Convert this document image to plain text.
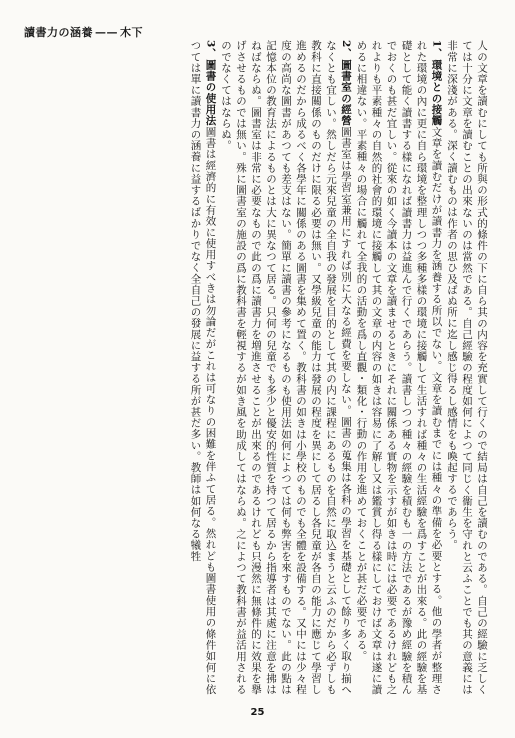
讀書力の涵養 —— 木下

人の文章を讀むにしても所與の形式的條件の下に自ら其の内容を充實して行くので結局は自己を讀むのである。自己の經驗に乏しくては十分に文章を讀むことの出來ないのは當然である。自己經驗の程度如何によつて同じく衞生を守れと云ふことでも其の意義には非常に深淺がある。深く讀むものは作者の思ひ及ばぬ所に迄し感じ得るし感情をも喚起するであらう。

1、環境との接觸文章を讀むだけが讀書力を涵養する所以でない。文章を讀むまでには種々の準備を必要とする。他の學者が整理された環境の內に更に自ら環境を整理しつつ多種多樣の環境に接觸して生活すれば種々の生活經驗を爲すことが出來る。此の經驗を基礎として能く讀書する樣になれば讀書力は益進んで行くであらう。讀書しつつ種々の經驗を積むも一の方法であるが豫め經驗を積んでおくのも甚だ宜しい。從來の如く今讀本の文章を讀ませるときにそれに關係ある實物を示すが如きは時には必要であるけれども之れよりも平素種々の自然的社會的環境に接觸して其の文章の内容の如きは容易に了解し又は鑑賞し得る樣にしておけば文章は遂に讀めるに相違ない。平素種々の場合に觸れて全我的の活動を爲し直觀・類化・行動の作用を進めておくことが甚だ必要である。

2、圖書室の經營圖書室は學習室兼用にすれば別に大なる經費を要しない。圖書の蒐集は各科の學習を基礎として餘り多く取り揃へなくとも宜しい。然しだら元來兒童の全自我の發展を目的として其の内に課程にあるものを自然に取込まうと云ふのだから必ずしも教科に直接關係のものだけに限る必要は無い。又學級兒童の能力は發展の程度を異にして居るし各兒童が各自の能力に應じて學習し進めるのだから成るべく各學年に關係のある圖書を集めて置く。教科書の如きは小學校のものでも全體を設備する。又中には少々程度の高尚な圖書があつても差支はない。簡單に讀書の參考になるものも使用法如何によつては何も弊害を來すものでない。此の點は記憶本位の教育法によるものとは大に異なつて居る。只何の兒童でも多少と優安的性質を持つて居るから指導者は其處に注意を拂はねばならぬ。圖書室は非常に必要なもので此の爲に讀書力を増進させることが出來るのであるけれども只漫然に無條件的に效果を擧げさせるものでは無い。殊に圖書室の施設の爲に教科書を輕視するが如き風を助成してはならぬ。之によつて教科書が益活用されるのでなくてはならぬ。

3、圖書の使用法圖書は經濟的に有效に使用すべきは勿論だがこれは可なりの困難を伴ふて居る。然れども圖書使用の條件如何に依つては單に讀書力の涵養に益するばかりでなく全自己の發展に益する所が甚だ多い。教師は如何なる犧牲

25
